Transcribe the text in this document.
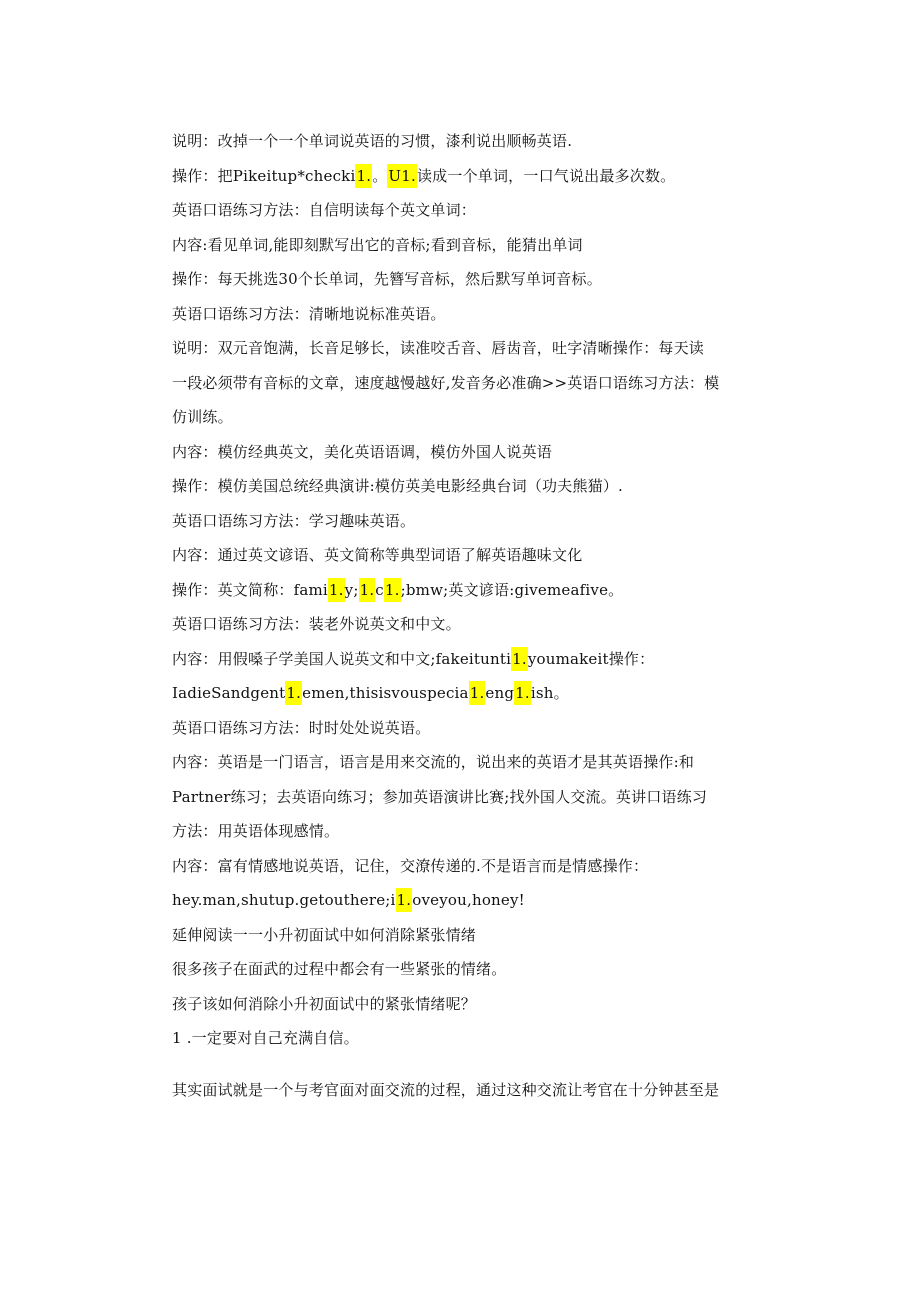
说明：改掉一个一个单词说英语的习惯，漆利说出顺畅英语.
操作：把Pikeitup*checki1.。U1.读成一个单词，一口气说出最多次数。
英语口语练习方法：自信明读每个英文单词：
内容:看见单词,能即刻默写出它的音标;看到音标，能猜出单词
操作：每天挑选30个长单词，先簪写音标，然后默写单诃音标。
英语口语练习方法：清晰地说标准英语。
说明：双元音饱满，长音足够长，读准咬舌音、唇齿音，吐字清晰操作：每天读
一段必须带有音标的文章，速度越慢越好,发音务必准确>>英语口语练习方法：模
仿训练。
内容：模仿经典英文，美化英语语调，模仿外国人说英语
操作：模仿美国总统经典演讲:模仿英美电影经典台词（功夫熊猫）.
英语口语练习方法：学习趣味英语。
内容：通过英文谚语、英文简称等典型词语了解英语趣味文化
操作：英文简称：fami1.y;1.c1.;bmw;英文谚语:givemeafive。
英语口语练习方法：装老外说英文和中文。
内容：用假嗓子学美国人说英文和中文;fakeituntі1.youmakeit操作：
IadieSandgent1.emen,thisisvouspecia1.eng1.ish。
英语口语练习方法：时时处处说英语。
内容：英语是一门语言，语言是用来交流的，说出来的英语才是其英语操作:和
Partner练习；去英语向练习；参加英语演讲比赛;找外国人交流。英讲口语练习
方法：用英语体现感情。
内容：富有情感地说英语，记住，交潦传递的.不是语言而是情感操作：
hey.man,shutup.getouthere;i1.oveyou,honey!
延伸阅读一一小升初面试中如何消除紧张情绪
很多孩子在面武的过程中都会有一些紧张的情绪。
孩子该如何消除小升初面试中的紧张情绪呢？
1 .一定要对自己充满自信。
其实面试就是一个与考官面对面交流的过程，通过这种交流让考官在十分钟甚至是
